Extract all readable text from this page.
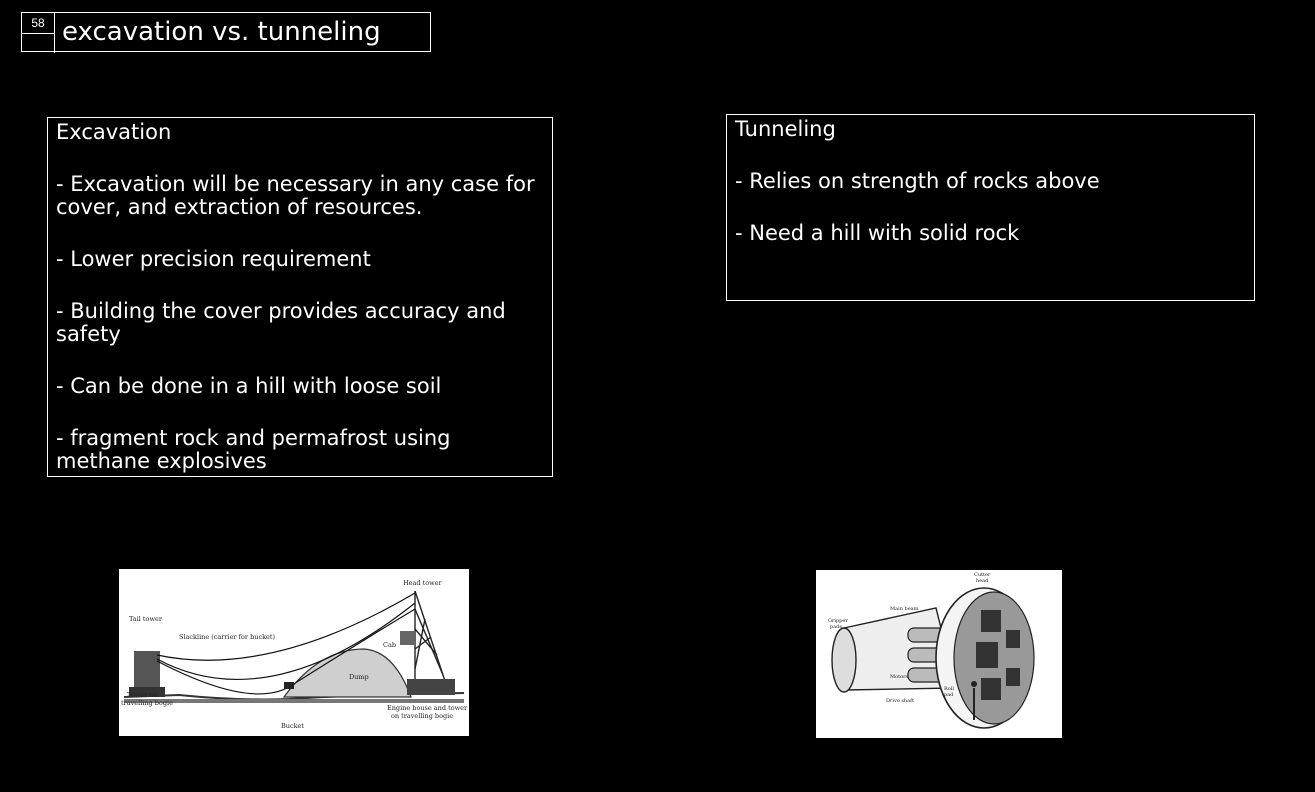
58 excavation vs. tunneling
Excavation
- Excavation will be necessary in any case for cover, and extraction of resources.
- Lower precision requirement
- Building the cover provides accuracy and safety
- Can be done in a hill with loose soil
- fragment rock and permafrost using methane explosives
Tunneling
- Relies on strength of rocks above
- Need a hill with solid rock
Head tower
Tail tower
Slackline (carrier for bucket)
Cab
Dump
Tower on
travelling bogie
Engine house and tower
on travelling bogie
Bucket
Cutter
head
Main beam
Gripper
pads
Motors
Drive shaft
Roll
pad
